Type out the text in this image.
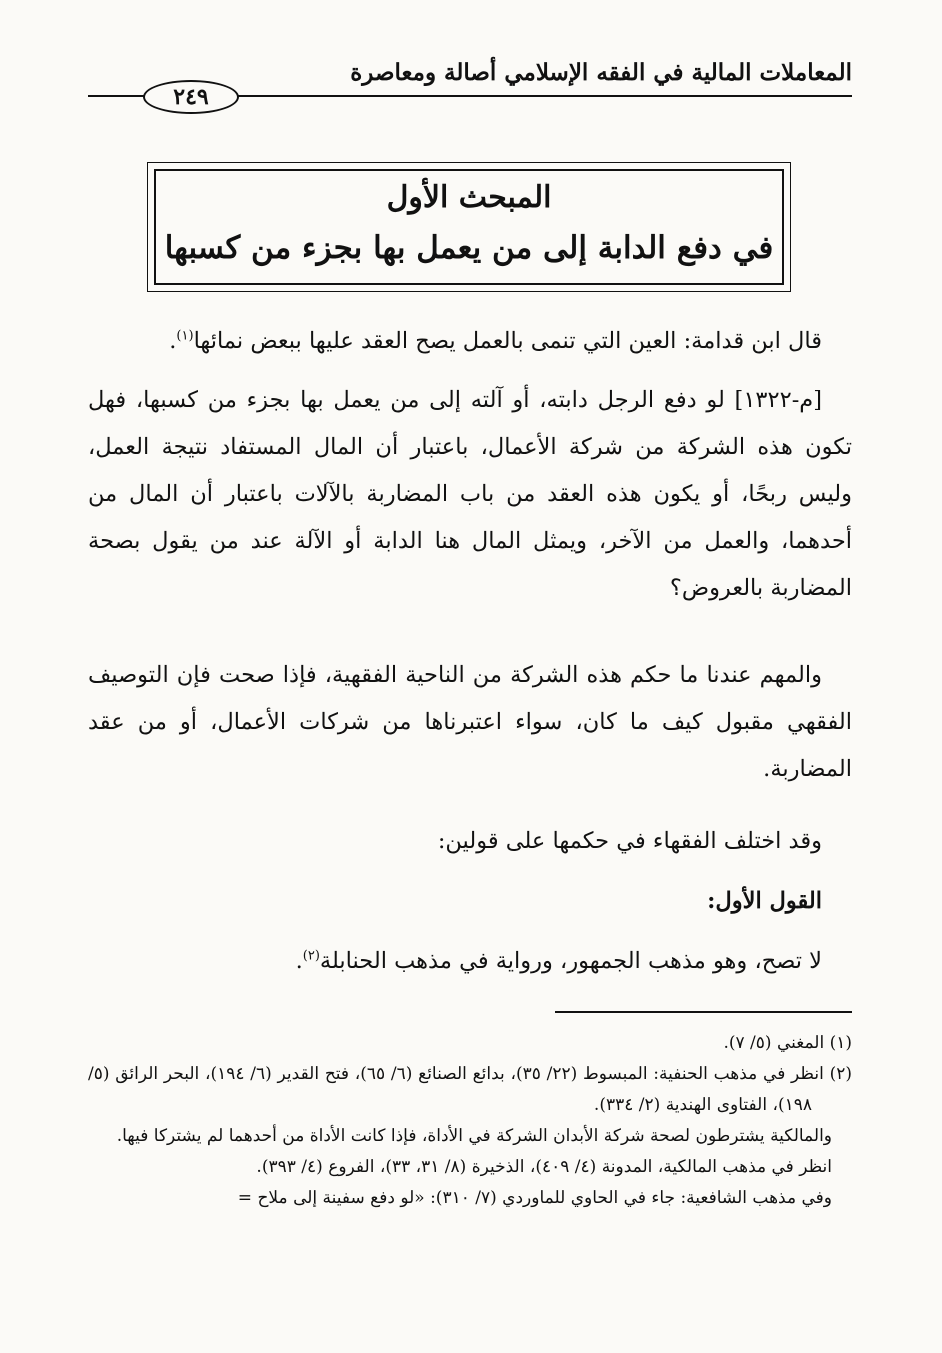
المعاملات المالية في الفقه الإسلامي أصالة ومعاصرة
٢٤٩
المبحث الأول
في دفع الدابة إلى من يعمل بها بجزء من كسبها
قال ابن قدامة: العين التي تنمى بالعمل يصح العقد عليها ببعض نمائها$^{(١)}$.
[م-١٣٢٢] لو دفع الرجل دابته، أو آلته إلى من يعمل بها بجزء من كسبها، فهل تكون هذه الشركة من شركة الأعمال، باعتبار أن المال المستفاد نتيجة العمل، وليس ربحًا، أو يكون هذه العقد من باب المضاربة بالآلات باعتبار أن المال من أحدهما، والعمل من الآخر، ويمثل المال هنا الدابة أو الآلة عند من يقول بصحة المضاربة بالعروض؟
والمهم عندنا ما حكم هذه الشركة من الناحية الفقهية، فإذا صحت فإن التوصيف الفقهي مقبول كيف ما كان، سواء اعتبرناها من شركات الأعمال، أو من عقد المضاربة.
وقد اختلف الفقهاء في حكمها على قولين:
القول الأول:
لا تصح، وهو مذهب الجمهور، ورواية في مذهب الحنابلة$^{(٢)}$.
(١) المغني (٥/ ٧).
(٢) انظر في مذهب الحنفية: المبسوط (٢٢/ ٣٥)، بدائع الصنائع (٦/ ٦٥)، فتح القدير (٦/ ١٩٤)، البحر الرائق (٥/ ١٩٨)، الفتاوى الهندية (٢/ ٣٣٤).
والمالكية يشترطون لصحة شركة الأبدان الشركة في الأداة، فإذا كانت الأداة من أحدهما لم يشتركا فيها.
انظر في مذهب المالكية، المدونة (٤/ ٤٠٩)، الذخيرة (٨/ ٣١، ٣٣)، الفروع (٤/ ٣٩٣).
وفي مذهب الشافعية: جاء في الحاوي للماوردي (٧/ ٣١٠): «لو دفع سفينة إلى ملاح =
